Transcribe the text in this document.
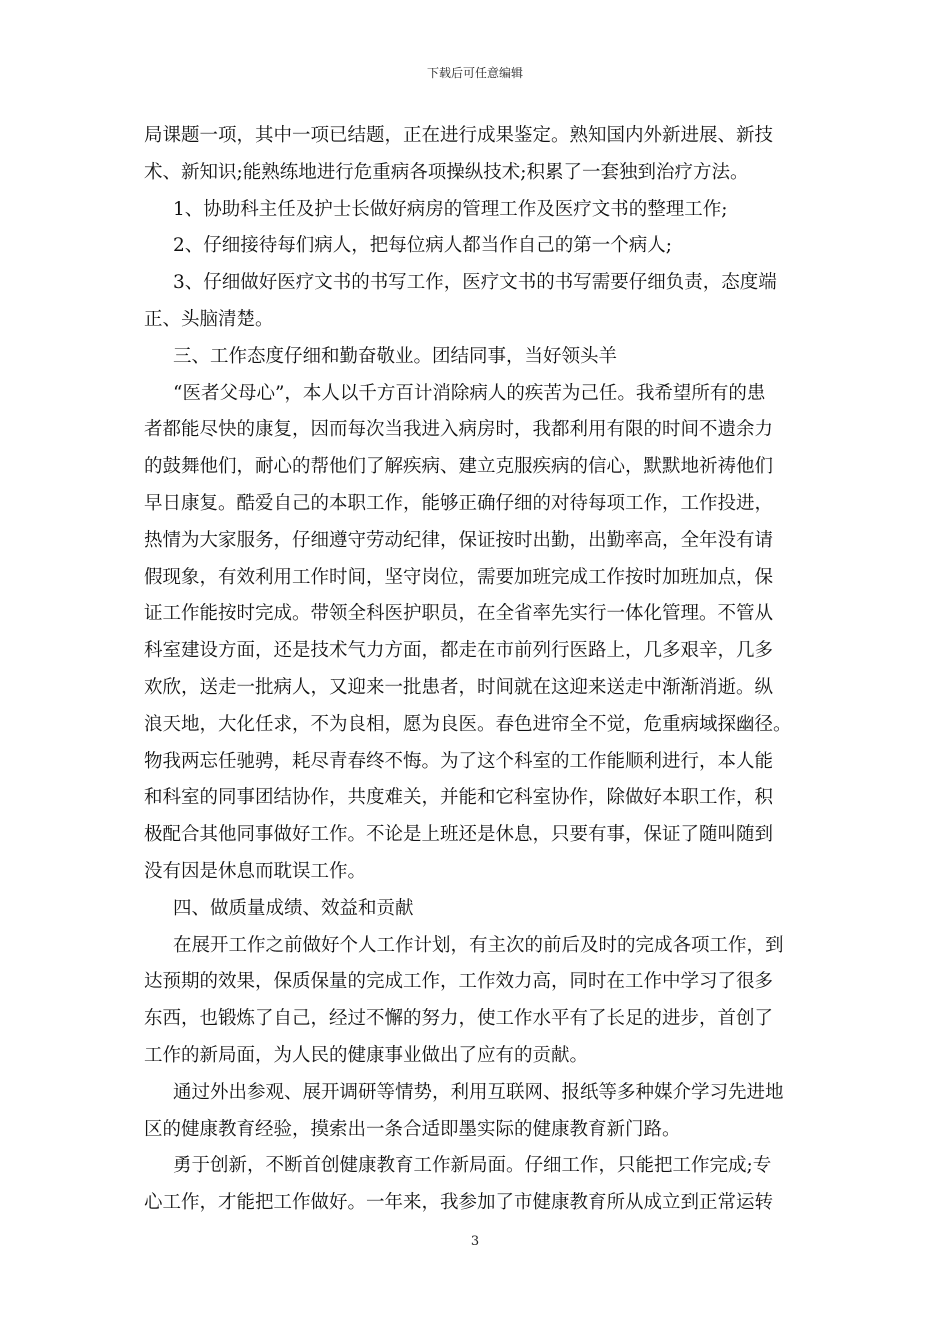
下载后可任意编辑
局课题一项，其中一项已结题，正在进行成果鉴定。熟知国内外新进展、新技
术、新知识;能熟练地进行危重病各项操纵技术;积累了一套独到治疗方法。
1、协助科主任及护士长做好病房的管理工作及医疗文书的整理工作;
2、仔细接待每们病人，把每位病人都当作自己的第一个病人;
3、仔细做好医疗文书的书写工作，医疗文书的书写需要仔细负责，态度端
正、头脑清楚。
三、工作态度仔细和勤奋敬业。团结同事，当好领头羊
“医者父母心”，本人以千方百计消除病人的疾苦为己任。我希望所有的患
者都能尽快的康复，因而每次当我进入病房时，我都利用有限的时间不遗余力
的鼓舞他们，耐心的帮他们了解疾病、建立克服疾病的信心，默默地祈祷他们
早日康复。酷爱自己的本职工作，能够正确仔细的对待每项工作，工作投进，
热情为大家服务，仔细遵守劳动纪律，保证按时出勤，出勤率高，全年没有请
假现象，有效利用工作时间，坚守岗位，需要加班完成工作按时加班加点，保
证工作能按时完成。带领全科医护职员，在全省率先实行一体化管理。不管从
科室建设方面，还是技术气力方面，都走在市前列行医路上，几多艰辛，几多
欢欣，送走一批病人，又迎来一批患者，时间就在这迎来送走中渐渐消逝。纵
浪天地，大化任求，不为良相，愿为良医。春色进帘全不觉，危重病域探幽径。
物我两忘任驰骋，耗尽青春终不悔。为了这个科室的工作能顺利进行，本人能
和科室的同事团结协作，共度难关，并能和它科室协作，除做好本职工作，积
极配合其他同事做好工作。不论是上班还是休息，只要有事，保证了随叫随到
没有因是休息而耽误工作。
四、做质量成绩、效益和贡献
在展开工作之前做好个人工作计划，有主次的前后及时的完成各项工作，到
达预期的效果，保质保量的完成工作，工作效力高，同时在工作中学习了很多
东西，也锻炼了自己，经过不懈的努力，使工作水平有了长足的进步，首创了
工作的新局面，为人民的健康事业做出了应有的贡献。
通过外出参观、展开调研等情势，利用互联网、报纸等多种媒介学习先进地
区的健康教育经验，摸索出一条合适即墨实际的健康教育新门路。
勇于创新，不断首创健康教育工作新局面。仔细工作，只能把工作完成;专
心工作，才能把工作做好。一年来，我参加了市健康教育所从成立到正常运转
3
